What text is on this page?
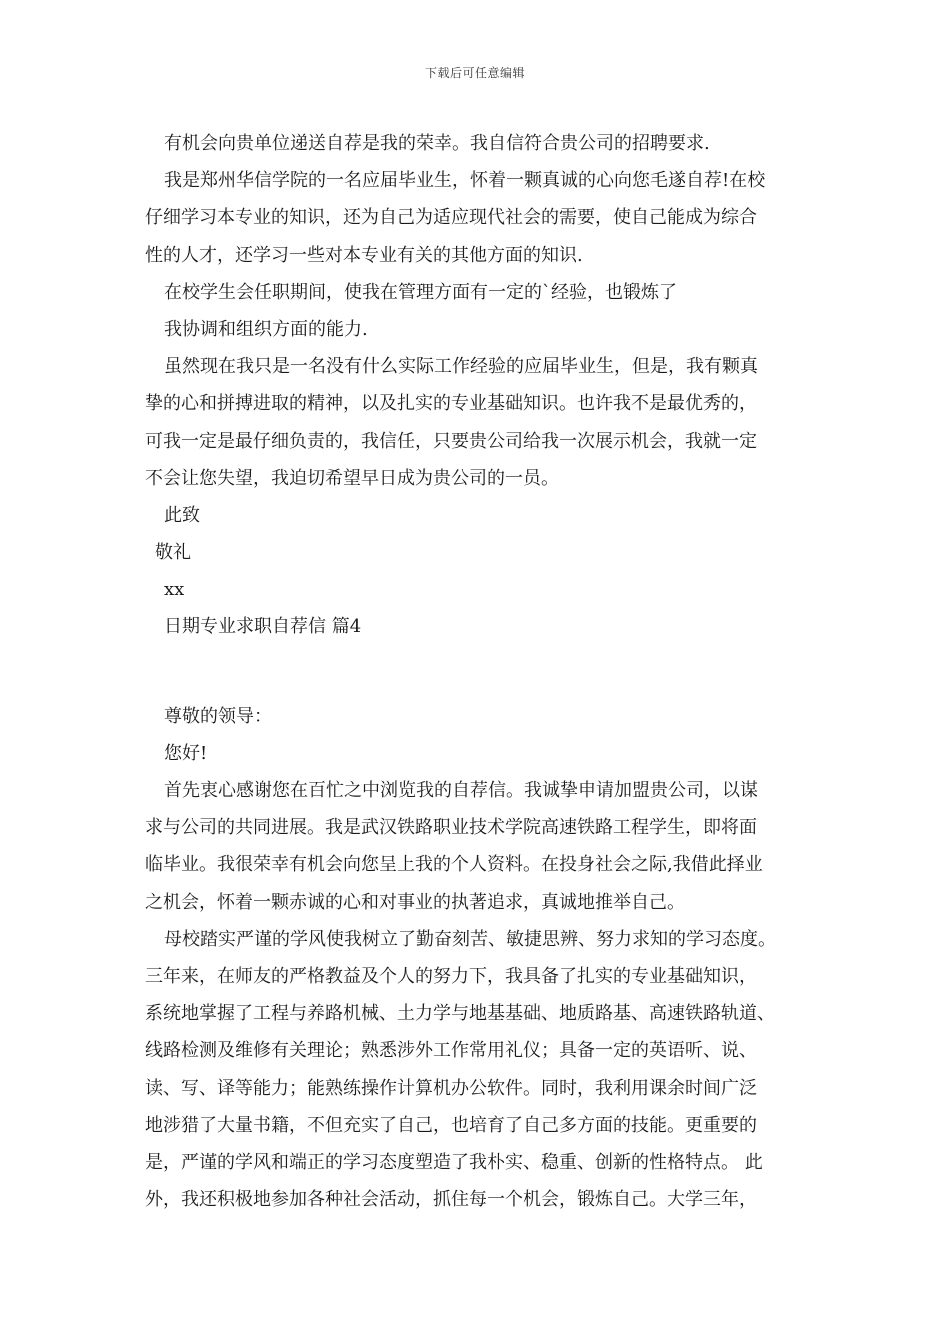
下载后可任意编辑
有机会向贵单位递送自荐是我的荣幸。我自信符合贵公司的招聘要求.
我是郑州华信学院的一名应届毕业生，怀着一颗真诚的心向您毛遂自荐!在校
仔细学习本专业的知识，还为自己为适应现代社会的需要，使自己能成为综合
性的人才，还学习一些对本专业有关的其他方面的知识.
在校学生会任职期间，使我在管理方面有一定的`经验，也锻炼了
我协调和组织方面的能力.
虽然现在我只是一名没有什么实际工作经验的应届毕业生，但是，我有颗真
挚的心和拼搏进取的精神，以及扎实的专业基础知识。也许我不是最优秀的，
可我一定是最仔细负责的，我信任，只要贵公司给我一次展示机会，我就一定
不会让您失望，我迫切希望早日成为贵公司的一员。
此致
敬礼
xx
日期专业求职自荐信 篇4
尊敬的领导：
您好!
首先衷心感谢您在百忙之中浏览我的自荐信。我诚挚申请加盟贵公司，以谋
求与公司的共同进展。我是武汉铁路职业技术学院高速铁路工程学生，即将面
临毕业。我很荣幸有机会向您呈上我的个人资料。在投身社会之际,我借此择业
之机会，怀着一颗赤诚的心和对事业的执著追求，真诚地推举自己。
母校踏实严谨的学风使我树立了勤奋刻苦、敏捷思辨、努力求知的学习态度。
三年来，在师友的严格教益及个人的努力下，我具备了扎实的专业基础知识，
系统地掌握了工程与养路机械、土力学与地基基础、地质路基、高速铁路轨道、
线路检测及维修有关理论；熟悉涉外工作常用礼仪；具备一定的英语听、说、
读、写、译等能力；能熟练操作计算机办公软件。同时，我利用课余时间广泛
地涉猎了大量书籍，不但充实了自己，也培育了自己多方面的技能。更重要的
是，严谨的学风和端正的学习态度塑造了我朴实、稳重、创新的性格特点。 此
外，我还积极地参加各种社会活动，抓住每一个机会，锻炼自己。大学三年，
